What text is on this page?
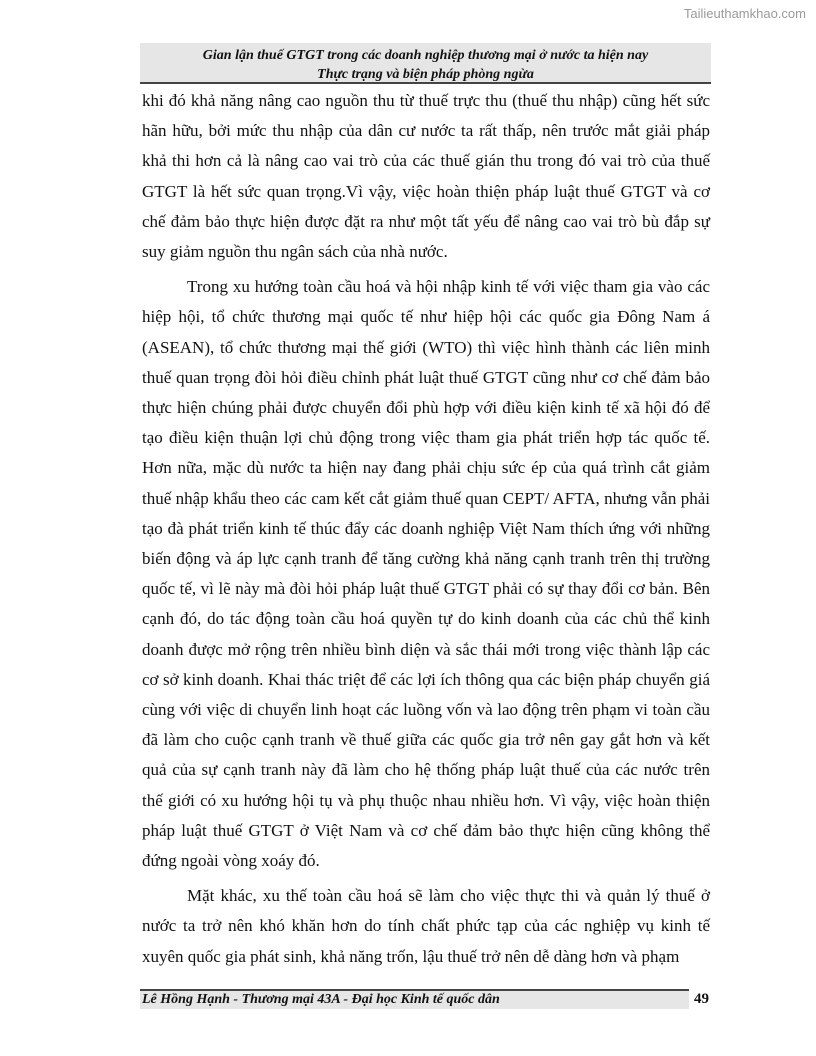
Tailieuthamkhao.com
Gian lận thuế GTGT trong các doanh nghiệp thương mại ở nước ta hiện nay
Thực trạng và biện pháp phòng ngừa

khi đó khả năng nâng cao nguồn thu từ thuế trực thu (thuế thu nhập) cũng hết sức hãn hữu, bởi mức thu nhập của dân cư nước ta rất thấp, nên trước mắt giải pháp khả thi hơn cả là nâng cao vai trò của các thuế gián thu trong đó vai trò của thuế GTGT là hết sức quan trọng.Vì vậy, việc hoàn thiện pháp luật thuế GTGT và cơ chế đảm bảo thực hiện được đặt ra như một tất yếu để nâng cao vai trò bù đắp sự suy giảm nguồn thu ngân sách của nhà nước.

Trong xu hướng toàn cầu hoá và hội nhập kinh tế với việc tham gia vào các hiệp hội, tổ chức thương mại quốc tế như hiệp hội các quốc gia Đông Nam á (ASEAN), tổ chức thương mại thế giới (WTO) thì việc hình thành các liên minh thuế quan trọng đòi hỏi điều chỉnh phát luật thuế GTGT cũng như cơ chế đảm bảo thực hiện chúng phải được chuyển đổi phù hợp với điều kiện kinh tế xã hội đó để tạo điều kiện thuận lợi chủ động trong việc tham gia phát triển hợp tác quốc tế. Hơn nữa, mặc dù nước ta hiện nay đang phải chịu sức ép của quá trình cắt giảm thuế nhập khẩu theo các cam kết cắt giảm thuế quan CEPT/ AFTA, nhưng vẫn phải tạo đà phát triển kinh tế thúc đẩy các doanh nghiệp Việt Nam thích ứng với những biến động và áp lực cạnh tranh để tăng cường khả năng cạnh tranh trên thị trường quốc tế, vì lẽ này mà đòi hỏi pháp luật thuế GTGT phải có sự thay đổi cơ bản. Bên cạnh đó, do tác động toàn cầu hoá quyền tự do kinh doanh của các chủ thể kinh doanh được mở rộng trên nhiều bình diện và sắc thái mới trong việc thành lập các cơ sở kinh doanh. Khai thác triệt để các lợi ích thông qua các biện pháp chuyển giá cùng với việc di chuyển linh hoạt các luồng vốn và lao động trên phạm vi toàn cầu đã làm cho cuộc cạnh tranh về thuế giữa các quốc gia trở nên gay gắt hơn và kết quả của sự cạnh tranh này đã làm cho hệ thống pháp luật thuế của các nước trên thế giới có xu hướng hội tụ và phụ thuộc nhau nhiều hơn. Vì vậy, việc hoàn thiện pháp luật thuế GTGT ở Việt Nam và cơ chế đảm bảo thực hiện cũng không thể đứng ngoài vòng xoáy đó.

Mặt khác, xu thế toàn cầu hoá sẽ làm cho việc thực thi và quản lý thuế ở nước ta trở nên khó khăn hơn do tính chất phức tạp của các nghiệp vụ kinh tế xuyên quốc gia phát sinh, khả năng trốn, lậu thuế trở nên dễ dàng hơn và phạm

Lê Hồng Hạnh - Thương mại 43A - Đại học Kinh tế quốc dân	49
